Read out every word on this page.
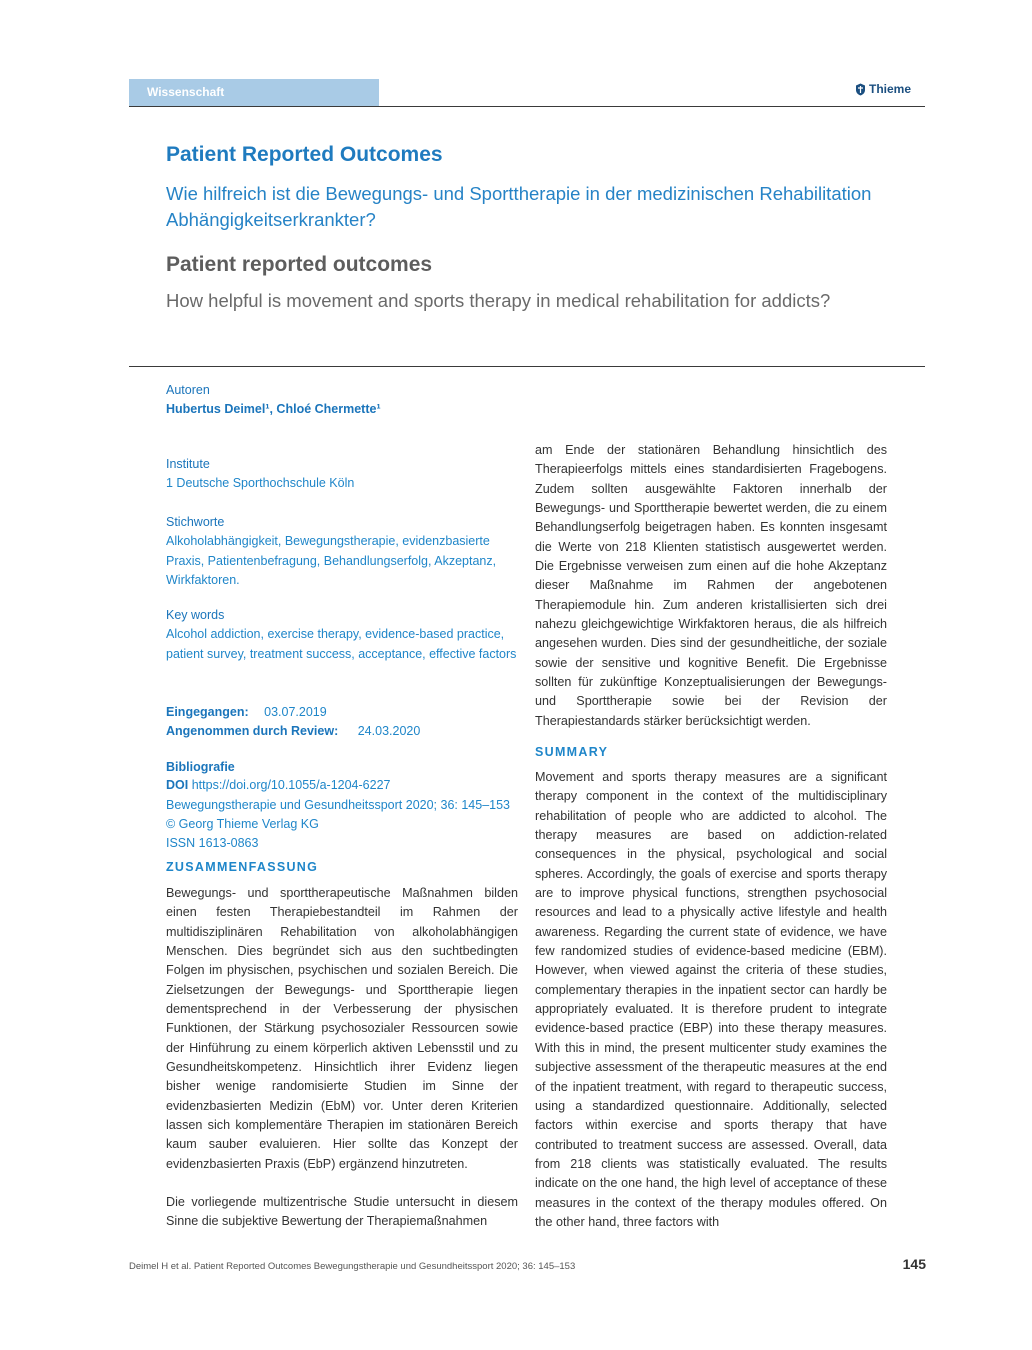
Wissenschaft	Thieme
Patient Reported Outcomes
Wie hilfreich ist die Bewegungs- und Sporttherapie in der medizinischen Rehabilitation Abhängigkeitserkrankter?
Patient reported outcomes
How helpful is movement and sports therapy in medical rehabilitation for addicts?
Autoren
Hubertus Deimel¹, Chloé Chermette¹
Institute
1 Deutsche Sporthochschule Köln
Stichworte
Alkoholabhängigkeit, Bewegungstherapie, evidenzbasierte Praxis, Patientenbefragung, Behandlungserfolg, Akzeptanz, Wirkfaktoren.
Key words
Alcohol addiction, exercise therapy, evidence-based practice, patient survey, treatment success, acceptance, effective factors
Eingegangen: 03.07.2019
Angenommen durch Review: 24.03.2020
Bibliografie
DOI https://doi.org/10.1055/a-1204-6227
Bewegungstherapie und Gesundheitssport 2020; 36: 145–153
© Georg Thieme Verlag KG
ISSN 1613-0863
ZUSAMMENFASSUNG
Bewegungs- und sporttherapeutische Maßnahmen bilden einen festen Therapiebestandteil im Rahmen der multidisziplinären Rehabilitation von alkoholabhängigen Menschen. Dies begründet sich aus den suchtbedingten Folgen im physischen, psychischen und sozialen Bereich. Die Zielsetzungen der Bewegungs- und Sporttherapie liegen dementsprechend in der Verbesserung der physischen Funktionen, der Stärkung psychosozialer Ressourcen sowie der Hinführung zu einem körperlich aktiven Lebensstil und zu Gesundheitskompetenz. Hinsichtlich ihrer Evidenz liegen bisher wenige randomisierte Studien im Sinne der evidenzbasierten Medizin (EbM) vor. Unter deren Kriterien lassen sich komplementäre Therapien im stationären Bereich kaum sauber evaluieren. Hier sollte das Konzept der evidenzbasierten Praxis (EbP) ergänzend hinzutreten.
Die vorliegende multizentrische Studie untersucht in diesem Sinne die subjektive Bewertung der Therapiemaßnahmen
am Ende der stationären Behandlung hinsichtlich des Therapieerfolgs mittels eines standardisierten Fragebogens. Zudem sollten ausgewählte Faktoren innerhalb der Bewegungs- und Sporttherapie bewertet werden, die zu einem Behandlungserfolg beigetragen haben. Es konnten insgesamt die Werte von 218 Klienten statistisch ausgewertet werden. Die Ergebnisse verweisen zum einen auf die hohe Akzeptanz dieser Maßnahme im Rahmen der angebotenen Therapiemodule hin. Zum anderen kristallisierten sich drei nahezu gleichgewichtige Wirkfaktoren heraus, die als hilfreich angesehen wurden. Dies sind der gesundheitliche, der soziale sowie der sensitive und kognitive Benefit. Die Ergebnisse sollten für zukünftige Konzeptualisierungen der Bewegungs- und Sporttherapie sowie bei der Revision der Therapiestandards stärker berücksichtigt werden.
SUMMARY
Movement and sports therapy measures are a significant therapy component in the context of the multidisciplinary rehabilitation of people who are addicted to alcohol. The therapy measures are based on addiction-related consequences in the physical, psychological and social spheres. Accordingly, the goals of exercise and sports therapy are to improve physical functions, strengthen psychosocial resources and lead to a physically active lifestyle and health awareness. Regarding the current state of evidence, we have few randomized studies of evidence-based medicine (EBM). However, when viewed against the criteria of these studies, complementary therapies in the inpatient sector can hardly be appropriately evaluated. It is therefore prudent to integrate evidence-based practice (EBP) into these therapy measures. With this in mind, the present multicenter study examines the subjective assessment of the therapeutic measures at the end of the inpatient treatment, with regard to therapeutic success, using a standardized questionnaire. Additionally, selected factors within exercise and sports therapy that have contributed to treatment success are assessed. Overall, data from 218 clients was statistically evaluated. The results indicate on the one hand, the high level of acceptance of these measures in the context of the therapy modules offered. On the other hand, three factors with
Deimel H et al. Patient Reported Outcomes Bewegungstherapie und Gesundheitssport 2020; 36: 145–153	145
